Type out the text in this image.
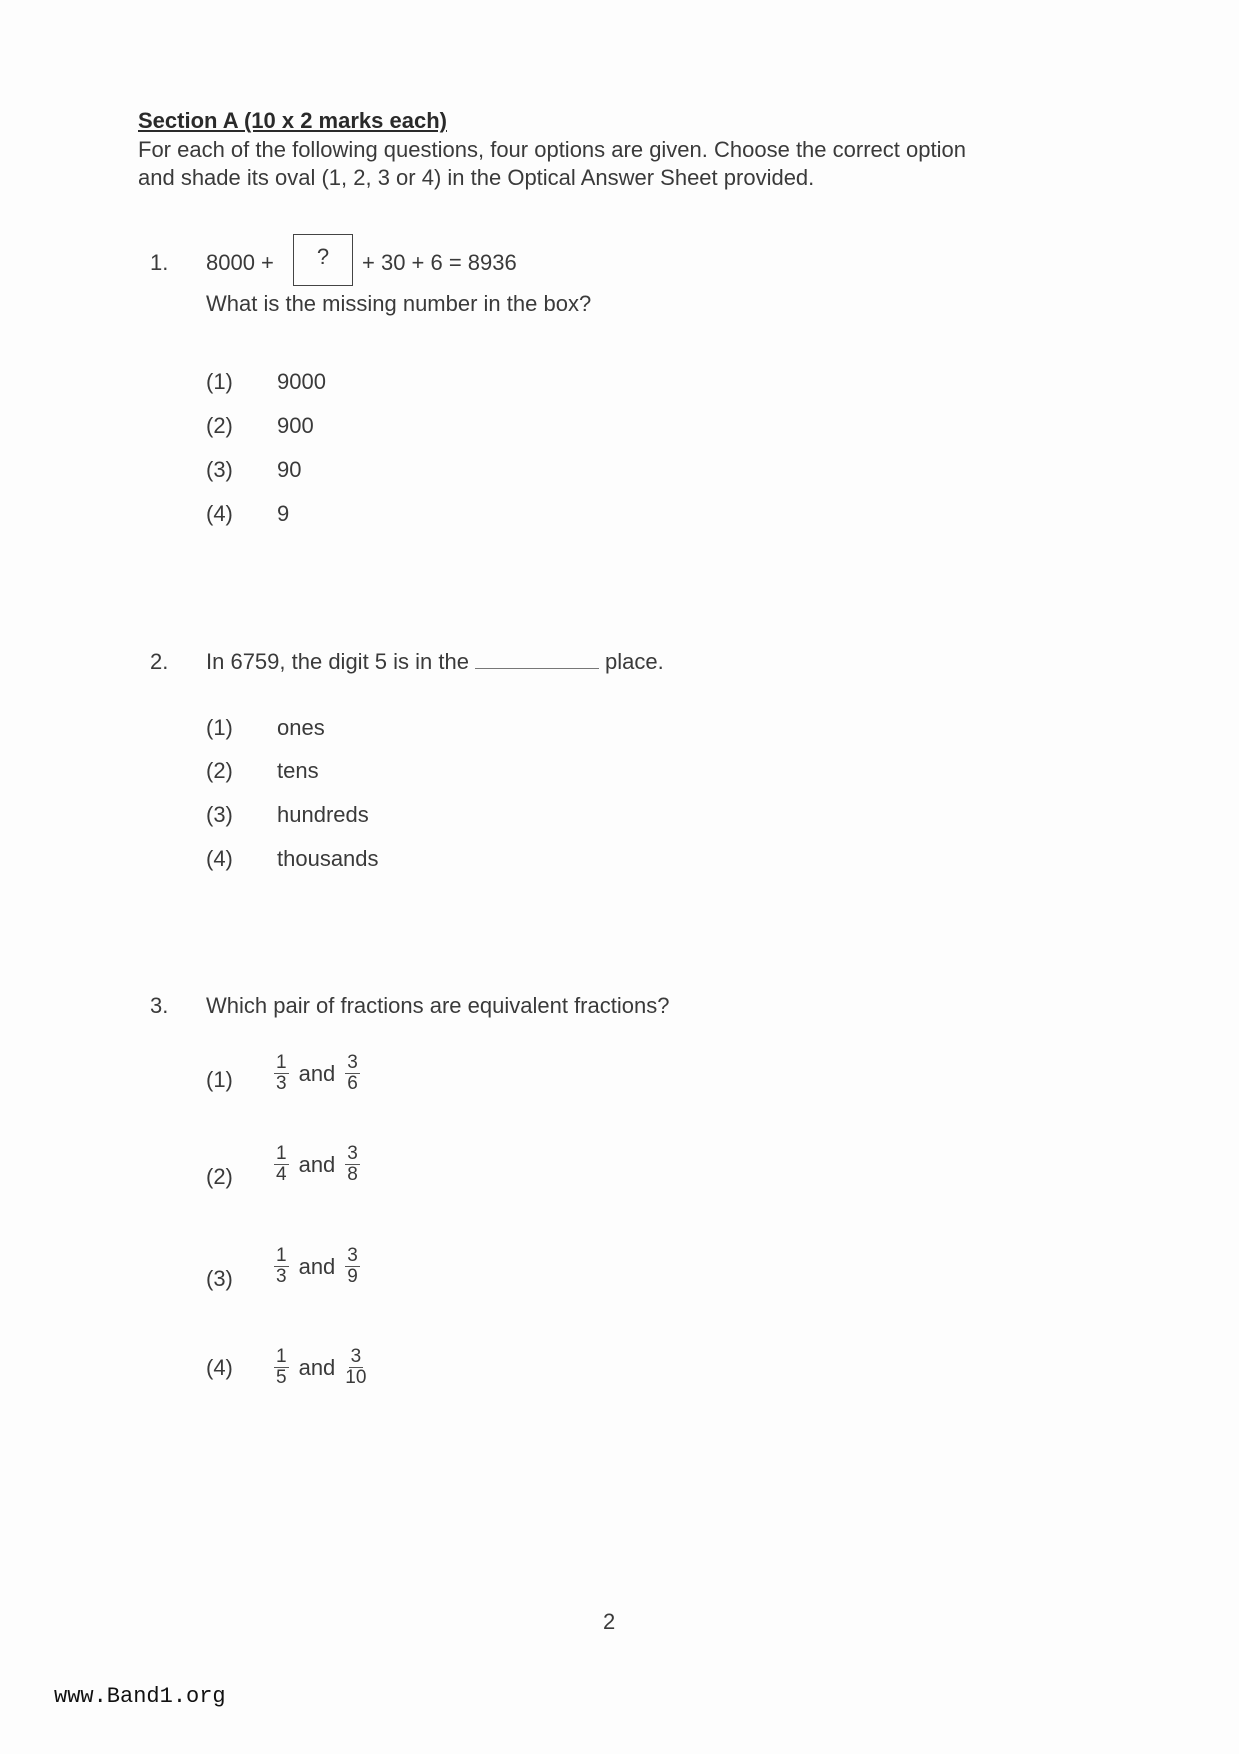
Section A (10 x 2 marks each)
For each of the following questions, four options are given. Choose the correct option
and shade its oval (1, 2, 3 or 4) in the Optical Answer Sheet provided.
1. 8000 +	?	+ 30 + 6 = 8936
What is the missing number in the box?
(1) 9000
(2) 900
(3) 90
(4) 9
2. In 6759, the digit 5 is in the	place.
(1) ones
(2) tens
(3) hundreds
(4) thousands
3. Which pair of fractions are equivalent fractions?
$(1) \frac{1}{3}$ and $\frac{3}{6}$
$(2) \frac{1}{4}$ and $\frac{3}{8}$
$(3) \frac{1}{3}$ and $\frac{3}{9}$
$(4) \frac{1}{5}$ and $\frac{3}{10}$
2
www.Band1.org
